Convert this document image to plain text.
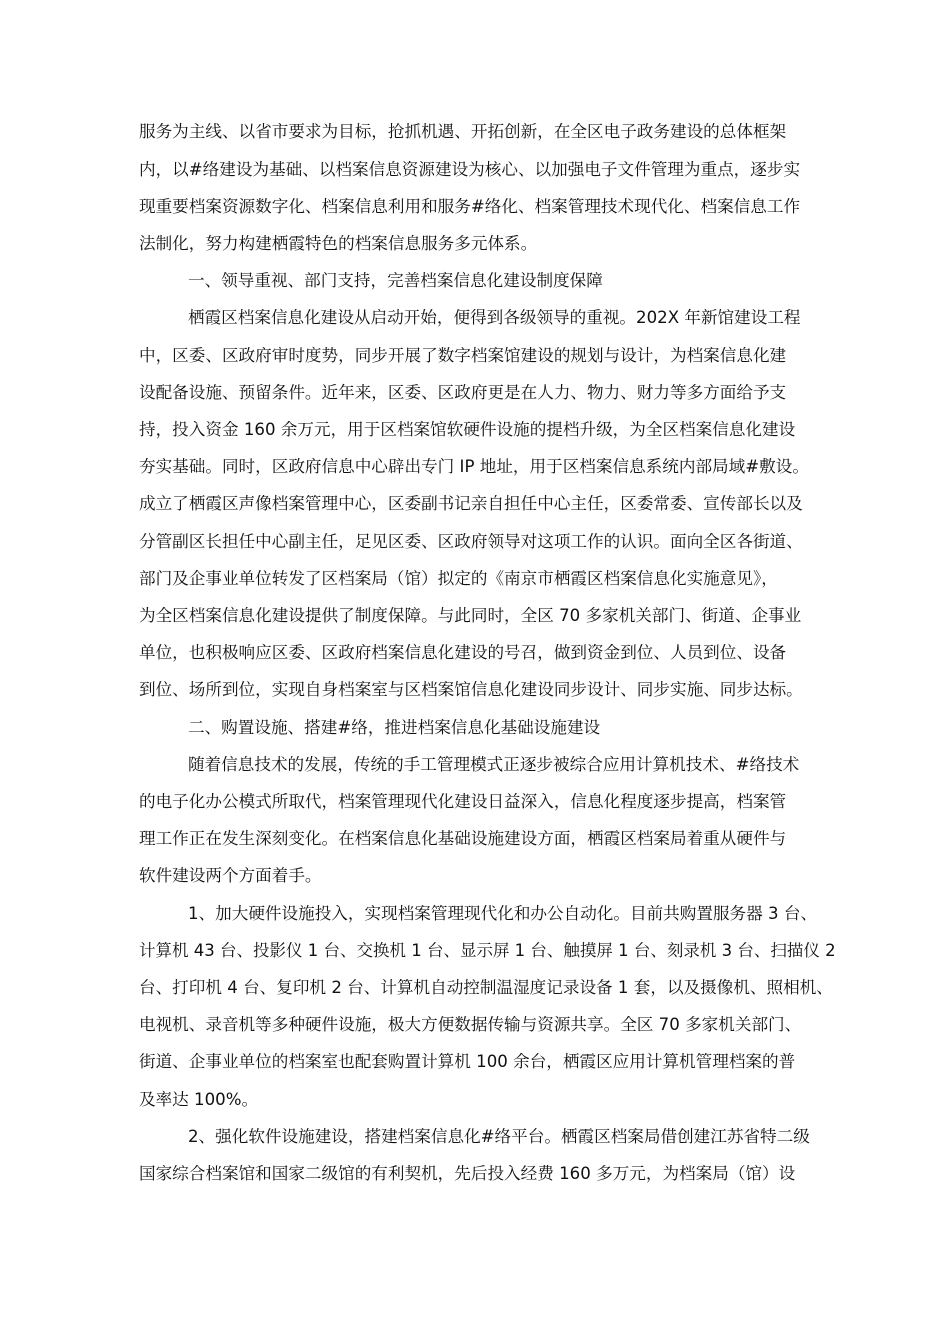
服务为主线、以省市要求为目标，抢抓机遇、开拓创新，在全区电子政务建设的总体框架

内，以#络建设为基础、以档案信息资源建设为核心、以加强电子文件管理为重点，逐步实

现重要档案资源数字化、档案信息利用和服务#络化、档案管理技术现代化、档案信息工作

法制化，努力构建栖霞特色的档案信息服务多元体系。

一、领导重视、部门支持，完善档案信息化建设制度保障

栖霞区档案信息化建设从启动开始，便得到各级领导的重视。202X 年新馆建设工程

中，区委、区政府审时度势，同步开展了数字档案馆建设的规划与设计，为档案信息化建

设配备设施、预留条件。近年来，区委、区政府更是在人力、物力、财力等多方面给予支

持，投入资金 160 余万元，用于区档案馆软硬件设施的提档升级，为全区档案信息化建设

夯实基础。同时，区政府信息中心辟出专门 IP 地址，用于区档案信息系统内部局域#敷设。

成立了栖霞区声像档案管理中心，区委副书记亲自担任中心主任，区委常委、宣传部长以及

分管副区长担任中心副主任，足见区委、区政府领导对这项工作的认识。面向全区各街道、

部门及企事业单位转发了区档案局（馆）拟定的《南京市栖霞区档案信息化实施意见》，

为全区档案信息化建设提供了制度保障。与此同时，全区 70 多家机关部门、街道、企事业

单位，也积极响应区委、区政府档案信息化建设的号召，做到资金到位、人员到位、设备

到位、场所到位，实现自身档案室与区档案馆信息化建设同步设计、同步实施、同步达标。

二、购置设施、搭建#络，推进档案信息化基础设施建设

随着信息技术的发展，传统的手工管理模式正逐步被综合应用计算机技术、#络技术

的电子化办公模式所取代，档案管理现代化建设日益深入，信息化程度逐步提高，档案管

理工作正在发生深刻变化。在档案信息化基础设施建设方面，栖霞区档案局着重从硬件与

软件建设两个方面着手。

1、加大硬件设施投入，实现档案管理现代化和办公自动化。目前共购置服务器 3 台、

计算机 43 台、投影仪 1 台、交换机 1 台、显示屏 1 台、触摸屏 1 台、刻录机 3 台、扫描仪 2

台、打印机 4 台、复印机 2 台、计算机自动控制温湿度记录设备 1 套，以及摄像机、照相机、

电视机、录音机等多种硬件设施，极大方便数据传输与资源共享。全区 70 多家机关部门、

街道、企事业单位的档案室也配套购置计算机 100 余台，栖霞区应用计算机管理档案的普

及率达 100%。

2、强化软件设施建设，搭建档案信息化#络平台。栖霞区档案局借创建江苏省特二级

国家综合档案馆和国家二级馆的有利契机，先后投入经费 160 多万元，为档案局（馆）设
